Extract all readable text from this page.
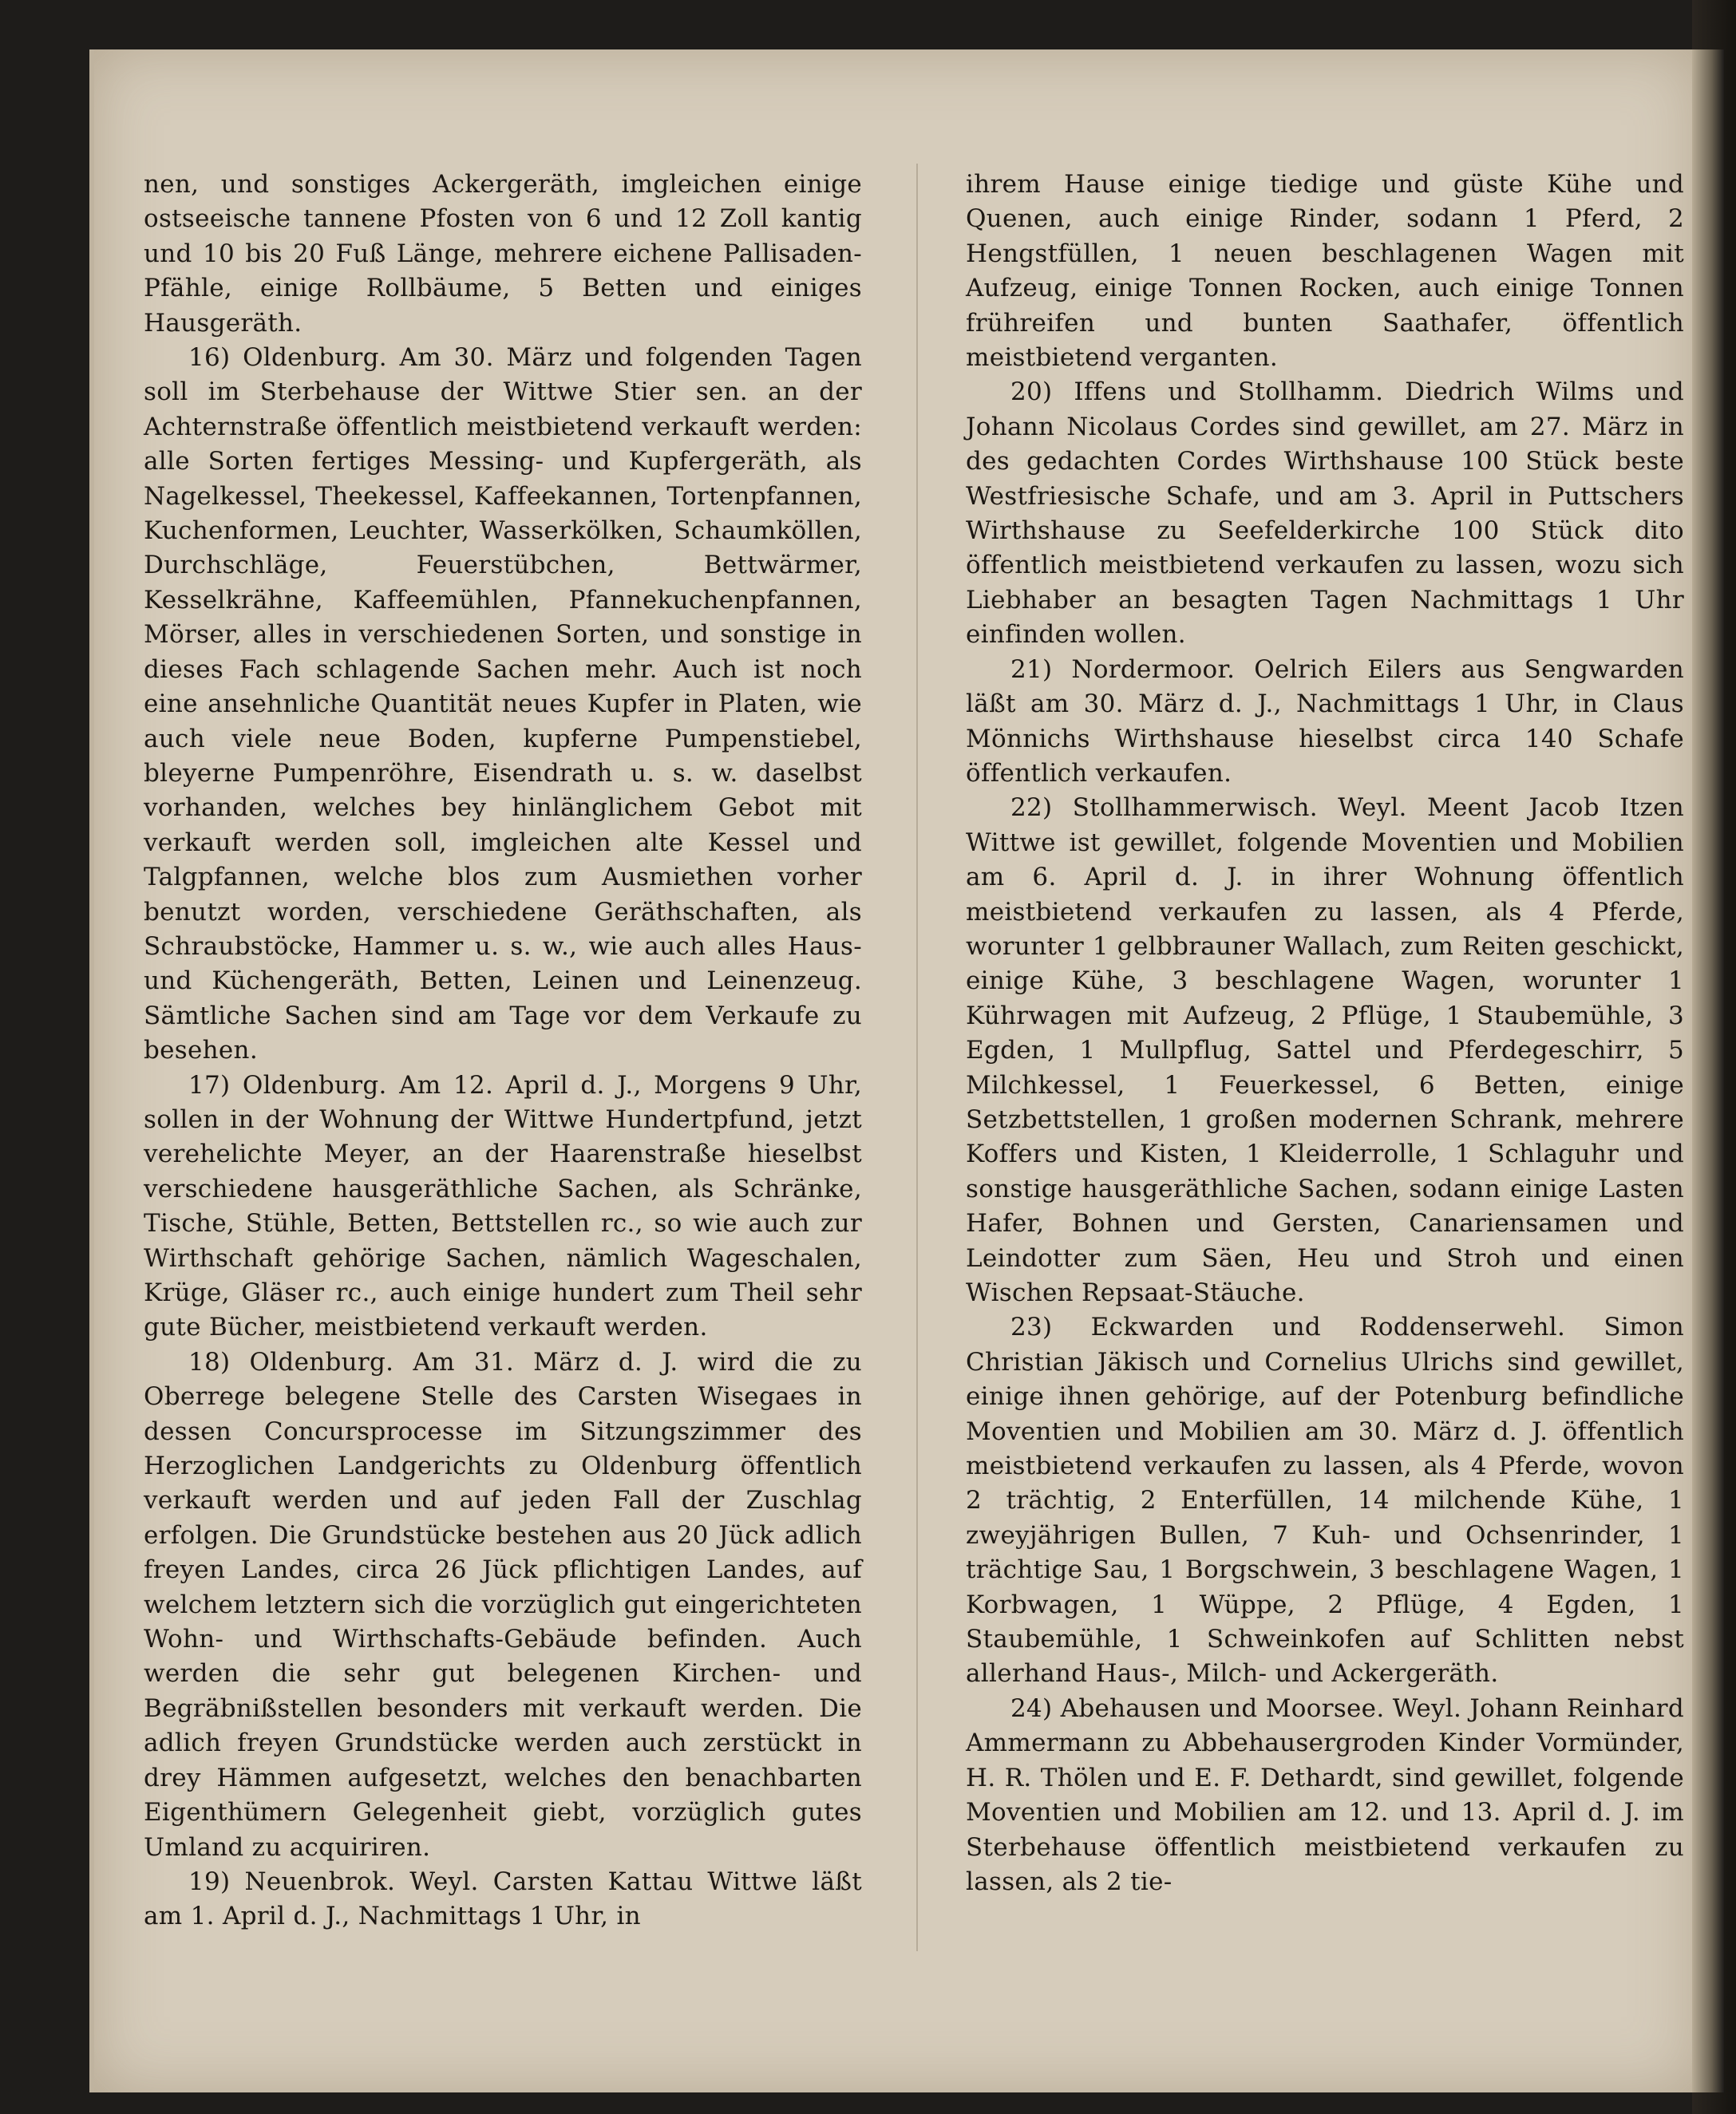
nen, und sonstiges Ackergeräth, imgleichen einige ostseeische tannene Pfosten von 6 und 12 Zoll kantig und 10 bis 20 Fuß Länge, mehrere eichene Pallisaden-Pfähle, einige Rollbäume, 5 Betten und einiges Hausgeräth.

16) Oldenburg. Am 30. März und folgenden Tagen soll im Sterbehause der Wittwe Stier sen. an der Achternstraße öffentlich meistbietend verkauft werden: alle Sorten fertiges Messing- und Kupfergeräth, als Nagelkessel, Theekessel, Kaffeekannen, Tortenpfannen, Kuchenformen, Leuchter, Wasserkölken, Schaumköllen, Durchschläge, Feuerstübchen, Bettwärmer, Kesselkrähne, Kaffeemühlen, Pfannekuchenpfannen, Mörser, alles in verschiedenen Sorten, und sonstige in dieses Fach schlagende Sachen mehr. Auch ist noch eine ansehnliche Quantität neues Kupfer in Platen, wie auch viele neue Boden, kupferne Pumpenstiebel, bleyerne Pumpenröhre, Eisendrath u. s. w. daselbst vorhanden, welches bey hinlänglichem Gebot mit verkauft werden soll, imgleichen alte Kessel und Talgpfannen, welche blos zum Ausmiethen vorher benutzt worden, verschiedene Geräthschaften, als Schraubstöcke, Hammer u. s. w., wie auch alles Haus- und Küchengeräth, Betten, Leinen und Leinenzeug. Sämtliche Sachen sind am Tage vor dem Verkaufe zu besehen.

17) Oldenburg. Am 12. April d. J., Morgens 9 Uhr, sollen in der Wohnung der Wittwe Hundertpfund, jetzt verehelichte Meyer, an der Haarenstraße hieselbst verschiedene hausgeräthliche Sachen, als Schränke, Tische, Stühle, Betten, Bettstellen rc., so wie auch zur Wirthschaft gehörige Sachen, nämlich Wageschalen, Krüge, Gläser rc., auch einige hundert zum Theil sehr gute Bücher, meistbietend verkauft werden.

18) Oldenburg. Am 31. März d. J. wird die zu Oberrege belegene Stelle des Carsten Wisegaes in dessen Concursprocesse im Sitzungszimmer des Herzoglichen Landgerichts zu Oldenburg öffentlich verkauft werden und auf jeden Fall der Zuschlag erfolgen. Die Grundstücke bestehen aus 20 Jück adlich freyen Landes, circa 26 Jück pflichtigen Landes, auf welchem letztern sich die vorzüglich gut eingerichteten Wohn- und Wirthschafts-Gebäude befinden. Auch werden die sehr gut belegenen Kirchen- und Begräbnißstellen besonders mit verkauft werden. Die adlich freyen Grundstücke werden auch zerstückt in drey Hämmen aufgesetzt, welches den benachbarten Eigenthümern Gelegenheit giebt, vorzüglich gutes Umland zu acquiriren.

19) Neuenbrok. Weyl. Carsten Kattau Wittwe läßt am 1. April d. J., Nachmittags 1 Uhr, in

ihrem Hause einige tiedige und güste Kühe und Quenen, auch einige Rinder, sodann 1 Pferd, 2 Hengstfüllen, 1 neuen beschlagenen Wagen mit Aufzeug, einige Tonnen Rocken, auch einige Tonnen frühreifen und bunten Saathafer, öffentlich meistbietend verganten.

20) Iffens und Stollhamm. Diedrich Wilms und Johann Nicolaus Cordes sind gewillet, am 27. März in des gedachten Cordes Wirthshause 100 Stück beste Westfriesische Schafe, und am 3. April in Puttschers Wirthshause zu Seefelderkirche 100 Stück dito öffentlich meistbietend verkaufen zu lassen, wozu sich Liebhaber an besagten Tagen Nachmittags 1 Uhr einfinden wollen.

21) Nordermoor. Oelrich Eilers aus Sengwarden läßt am 30. März d. J., Nachmittags 1 Uhr, in Claus Mönnichs Wirthshause hieselbst circa 140 Schafe öffentlich verkaufen.

22) Stollhammerwisch. Weyl. Meent Jacob Itzen Wittwe ist gewillet, folgende Moventien und Mobilien am 6. April d. J. in ihrer Wohnung öffentlich meistbietend verkaufen zu lassen, als 4 Pferde, worunter 1 gelbbrauner Wallach, zum Reiten geschickt, einige Kühe, 3 beschlagene Wagen, worunter 1 Kührwagen mit Aufzeug, 2 Pflüge, 1 Staubemühle, 3 Egden, 1 Mullpflug, Sattel und Pferdegeschirr, 5 Milchkessel, 1 Feuerkessel, 6 Betten, einige Setzbettstellen, 1 großen modernen Schrank, mehrere Koffers und Kisten, 1 Kleiderrolle, 1 Schlaguhr und sonstige hausgeräthliche Sachen, sodann einige Lasten Hafer, Bohnen und Gersten, Canariensamen und Leindotter zum Säen, Heu und Stroh und einen Wischen Repsaat-Stäuche.

23) Eckwarden und Roddenserwehl. Simon Christian Jäkisch und Cornelius Ulrichs sind gewillet, einige ihnen gehörige, auf der Potenburg befindliche Moventien und Mobilien am 30. März d. J. öffentlich meistbietend verkaufen zu lassen, als 4 Pferde, wovon 2 trächtig, 2 Enterfüllen, 14 milchende Kühe, 1 zweyjährigen Bullen, 7 Kuh- und Ochsenrinder, 1 trächtige Sau, 1 Borgschwein, 3 beschlagene Wagen, 1 Korbwagen, 1 Wüppe, 2 Pflüge, 4 Egden, 1 Staubemühle, 1 Schweinkofen auf Schlitten nebst allerhand Haus-, Milch- und Ackergeräth.

24) Abehausen und Moorsee. Weyl. Johann Reinhard Ammermann zu Abbehausergroden Kinder Vormünder, H. R. Thölen und E. F. Dethardt, sind gewillet, folgende Moventien und Mobilien am 12. und 13. April d. J. im Sterbehause öffentlich meistbietend verkaufen zu lassen, als 2 tie-
